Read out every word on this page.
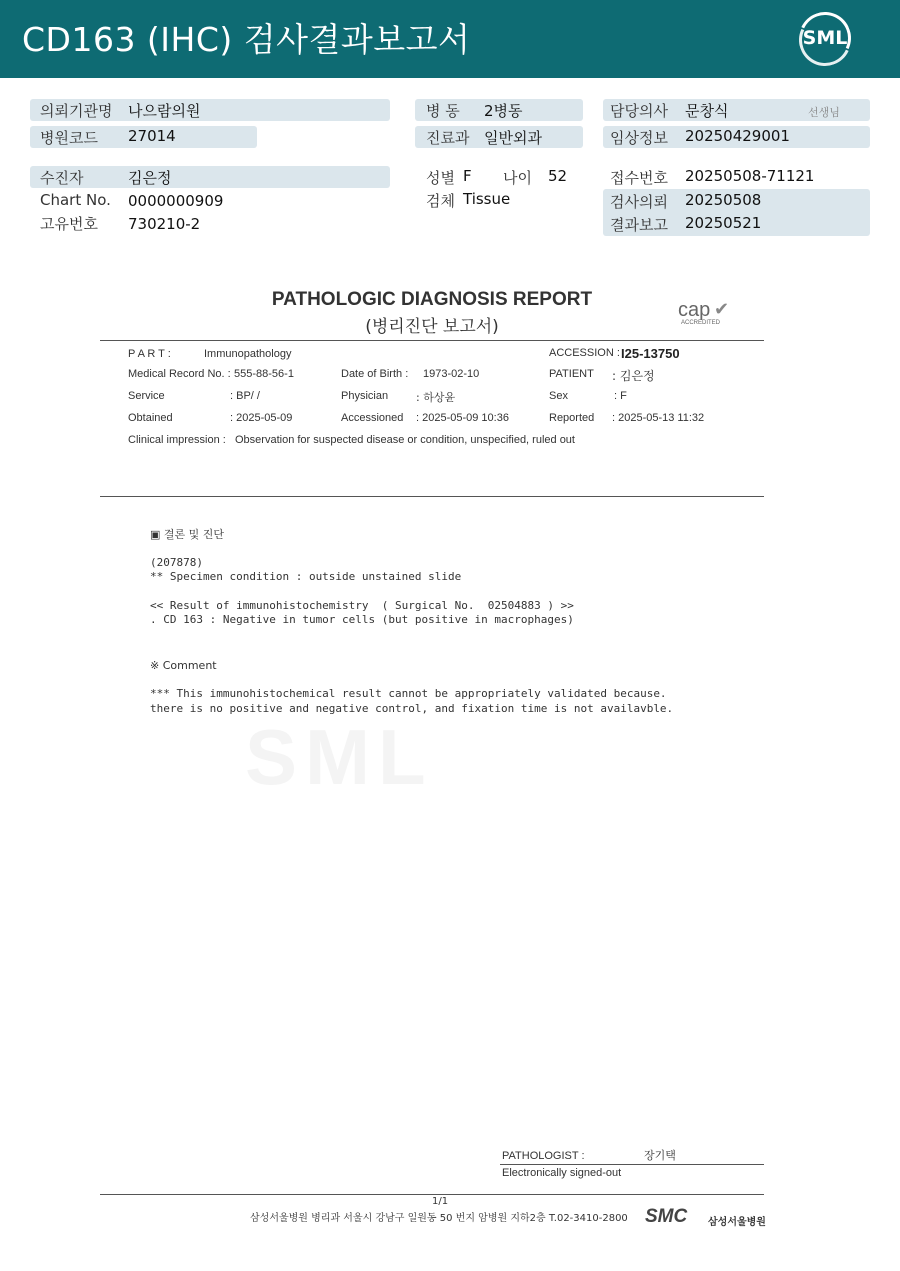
CD163 (IHC) 검사결과보고서	SML
의뢰기관명 나으람의원
병원코드 27014
수진자	김은정
Chart No. 0000000909
고유번호 730210-2
병 동 2병동
진료과 일반외과
성별 F 나이 52
검체 Tissue
담당의사 문창식	선생님
임상정보 20250429001
접수번호 20250508-71121
검사의뢰 20250508
결과보고 20250521
PATHOLOGIC DIAGNOSIS REPORT
(병리진단 보고서)
cap ✔
ACCREDITED
P A R T :	Immunopathology	ACCESSION : I25-13750
Medical Record No. : 555-88-56-1	Date of Birth : 1973-02-10	PATIENT : 김은정
Service	: BP/ /	Physician	: 하상윤	Sex	: F
Obtained	: 2025-05-09	Accessioned : 2025-05-09 10:36	Reported : 2025-05-13 11:32
Clinical impression : Observation for suspected disease or condition, unspecified, ruled out
SML
▣ 결론 및 진단
(207878)
** Specimen condition : outside unstained slide
<< Result of immunohistochemistry  ( Surgical No.  02504883 ) >>
. CD 163 : Negative in tumor cells (but positive in macrophages)
※ Comment
*** This immunohistochemical result cannot be appropriately validated because.
there is no positive and negative control, and fixation time is not availavble.
PATHOLOGIST :	장기택
Electronically signed-out
1/1
삼성서울병원 병리과 서울시 강남구 일원동 50 번지 암병원 지하2층 T.02-3410-2800 SMC 삼성서울병원
